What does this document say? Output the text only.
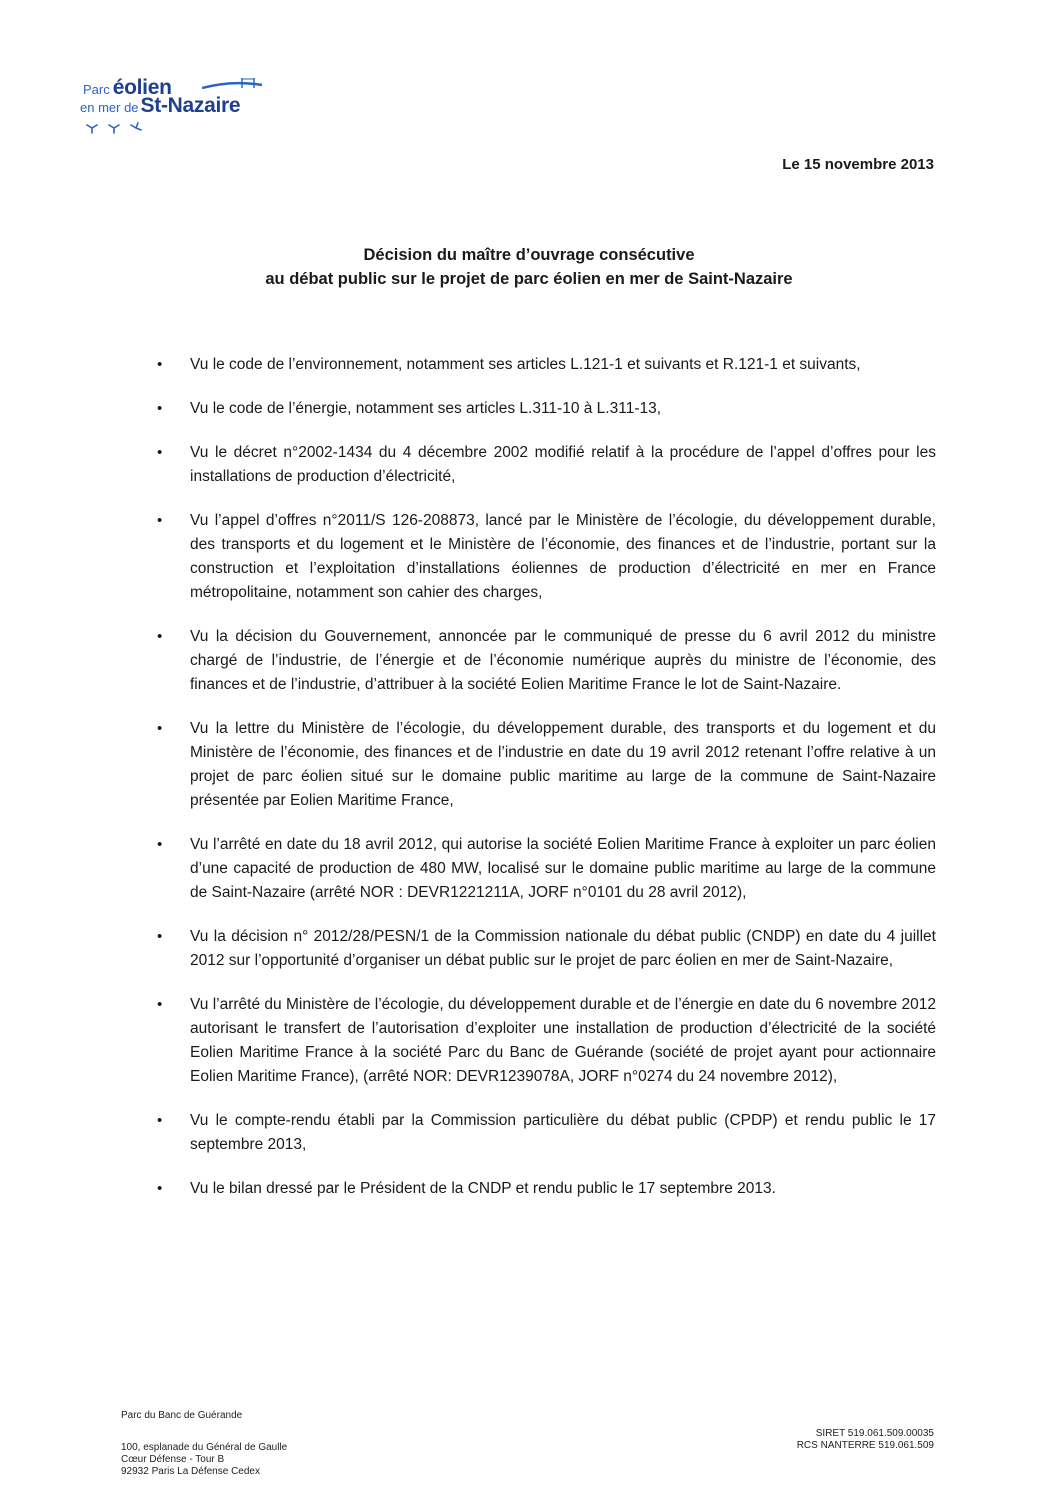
Parc éolien
en mer deSt-Nazaire
Le 15 novembre 2013
Décision du maître d’ouvrage consécutive
au débat public sur le projet de parc éolien en mer de Saint-Nazaire
• Vu le code de l’environnement, notamment ses articles L.121-1 et suivants et R.121-1 et suivants,
• Vu le code de l’énergie, notamment ses articles L.311-10 à L.311-13,
• Vu le décret n°2002-1434 du 4 décembre 2002 modifié relatif à la procédure de l’appel d’offres pour les installations de production d’électricité,
• Vu l’appel d’offres n°2011/S 126-208873, lancé par le Ministère de l’écologie, du développement durable, des transports et du logement et le Ministère de l’économie, des finances et de l’industrie, portant sur la construction et l’exploitation d’installations éoliennes de production d’électricité en mer en France métropolitaine, notamment son cahier des charges,
• Vu la décision du Gouvernement, annoncée par le communiqué de presse du 6 avril 2012 du ministre chargé de l’industrie, de l’énergie et de l’économie numérique auprès du ministre de l’économie, des finances et de l’industrie, d’attribuer à la société Eolien Maritime France le lot de Saint-Nazaire.
• Vu la lettre du Ministère de l’écologie, du développement durable, des transports et du logement et du Ministère de l’économie, des finances et de l’industrie en date du 19 avril 2012 retenant l’offre relative à un projet de parc éolien situé sur le domaine public maritime au large de la commune de Saint-Nazaire présentée par Eolien Maritime France,
• Vu l’arrêté en date du 18 avril 2012, qui autorise la société Eolien Maritime France à exploiter un parc éolien d’une capacité de production de 480 MW, localisé sur le domaine public maritime au large de la commune de Saint-Nazaire (arrêté NOR : DEVR1221211A, JORF n°0101 du 28 avril 2012),
• Vu la décision n° 2012/28/PESN/1 de la Commission nationale du débat public (CNDP) en date du 4 juillet 2012 sur l’opportunité d’organiser un débat public sur le projet de parc éolien en mer de Saint-Nazaire,
• Vu l’arrêté du Ministère de l’écologie, du développement durable et de l’énergie en date du 6 novembre 2012 autorisant le transfert de l’autorisation d’exploiter une installation de production d’électricité de la société Eolien Maritime France à la société Parc du Banc de Guérande (société de projet ayant pour actionnaire Eolien Maritime France), (arrêté NOR: DEVR1239078A, JORF n°0274 du 24 novembre 2012),
• Vu le compte-rendu établi par la Commission particulière du débat public (CPDP) et rendu public le 17 septembre 2013,
• Vu le bilan dressé par le Président de la CNDP et rendu public le 17 septembre 2013.
Parc du Banc de Guérande
100, esplanade du Général de Gaulle
Cœur Défense - Tour B
92932 Paris La Défense Cedex
SIRET 519.061.509.00035
RCS NANTERRE 519.061.509
